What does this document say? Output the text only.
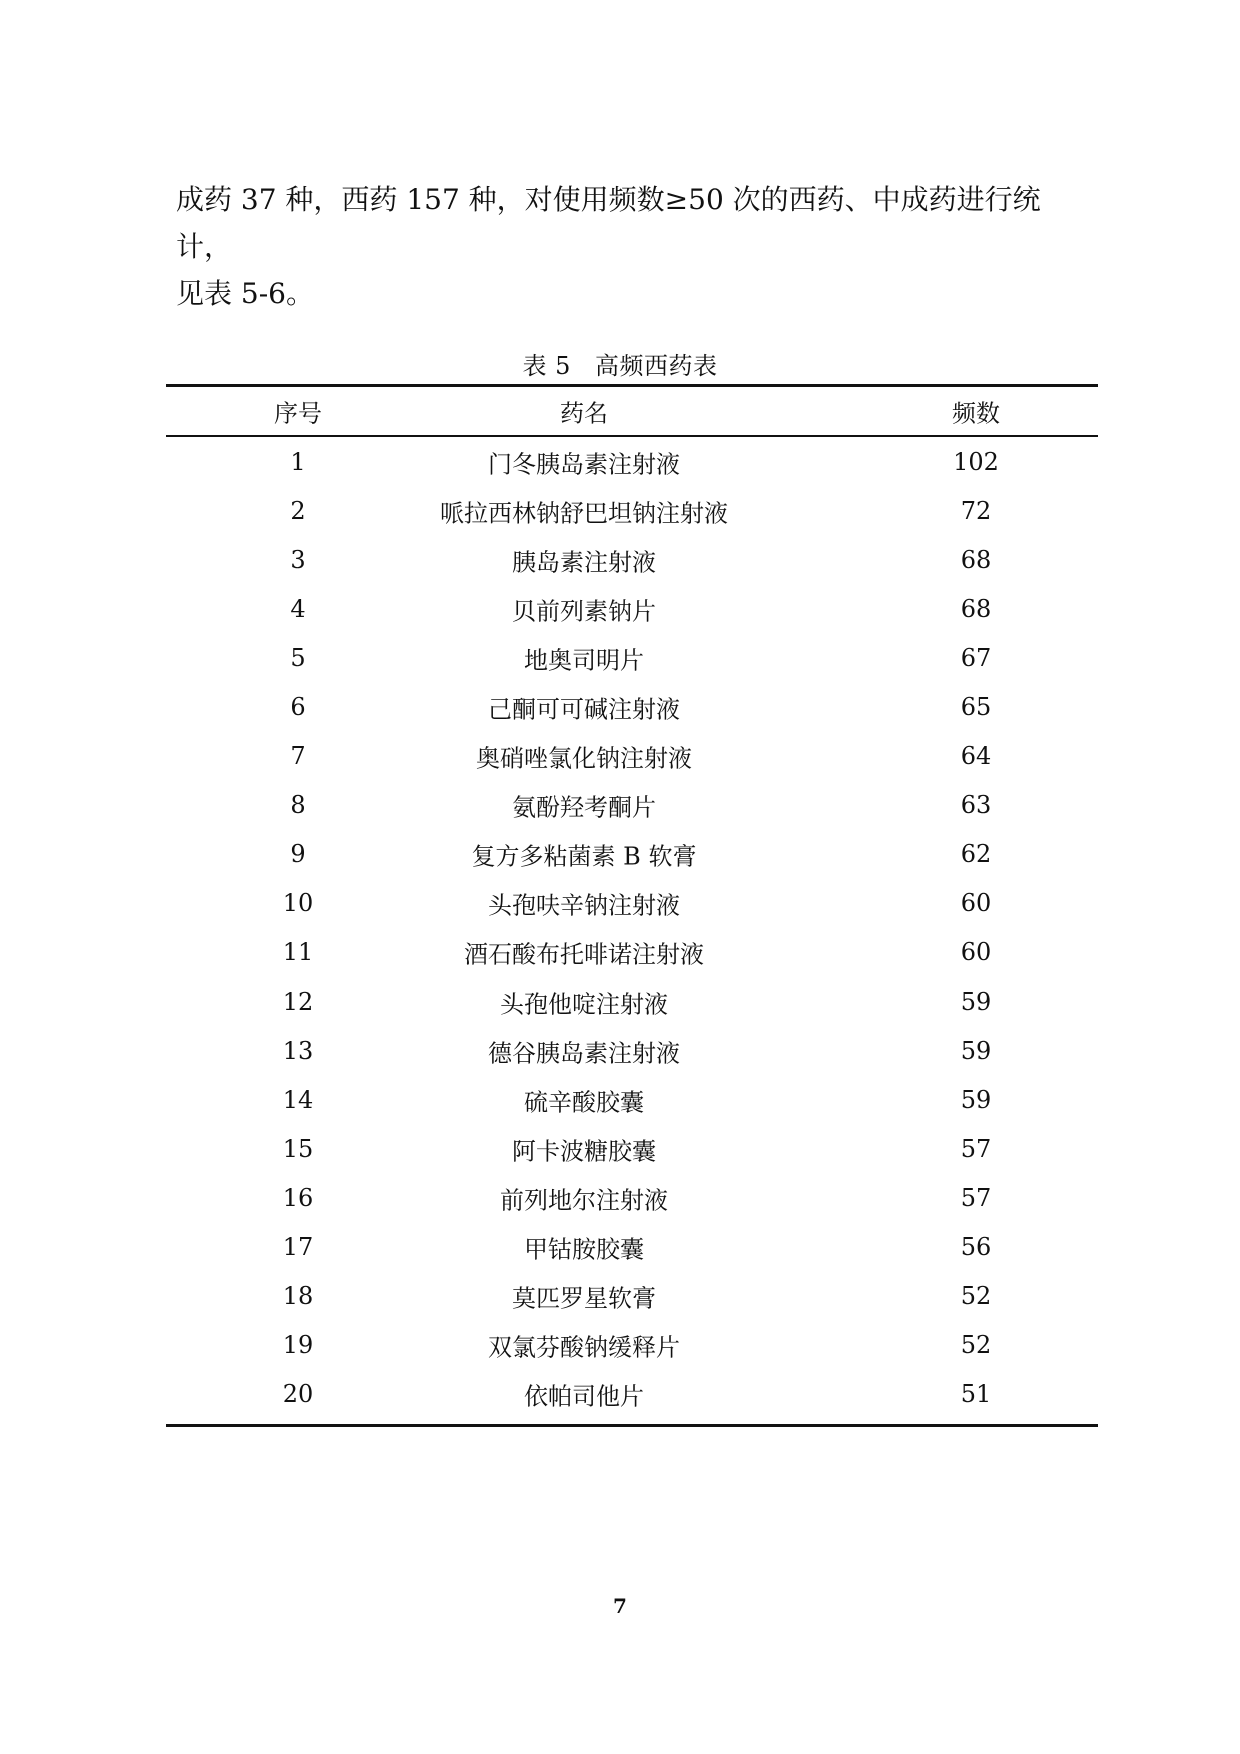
成药 37 种，西药 157 种，对使用频数≥50 次的西药、中成药进行统计，
见表 5-6。
表 5 高频西药表
序号	药名	频数
1	门冬胰岛素注射液	102
2	哌拉西林钠舒巴坦钠注射液	72
3	胰岛素注射液	68
4	贝前列素钠片	68
5	地奥司明片	67
6	己酮可可碱注射液	65
7	奥硝唑氯化钠注射液	64
8	氨酚羟考酮片	63
9	复方多粘菌素 B 软膏	62
10	头孢呋辛钠注射液	60
11	酒石酸布托啡诺注射液	60
12	头孢他啶注射液	59
13	德谷胰岛素注射液	59
14	硫辛酸胶囊	59
15	阿卡波糖胶囊	57
16	前列地尔注射液	57
17	甲钴胺胶囊	56
18	莫匹罗星软膏	52
19	双氯芬酸钠缓释片	52
20	依帕司他片	51
7
